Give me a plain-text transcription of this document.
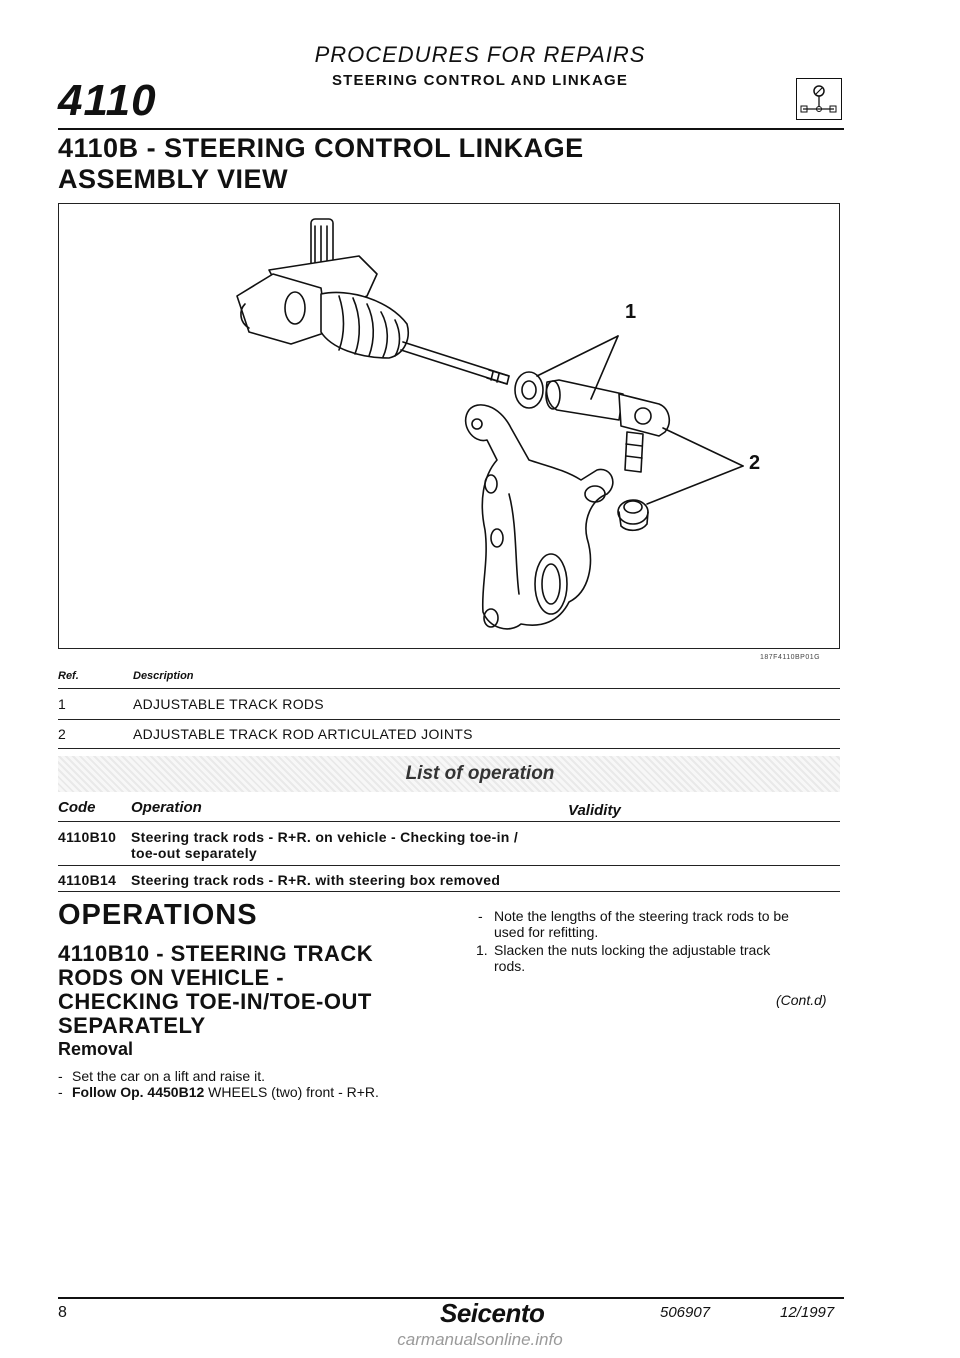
4110
PROCEDURES FOR REPAIRS
STEERING CONTROL AND LINKAGE
4110B - STEERING CONTROL LINKAGE
ASSEMBLY VIEW
1
2
187F4110BP01G
Ref.	Description
1	ADJUSTABLE TRACK RODS
2	ADJUSTABLE TRACK ROD ARTICULATED JOINTS
List of operation
Code Operation	Validity
4110B10 Steering track rods - R+R. on vehicle - Checking toe-in /
toe-out separately
4110B14 Steering track rods - R+R. with steering box removed
OPERATIONS
4110B10 - STEERING TRACK
RODS ON VEHICLE -
CHECKING TOE-IN/TOE-OUT
SEPARATELY
Removal
- Set the car on a lift and raise it.
- Follow Op. 4450B12 WHEELS (two) front - R+R.
- Note the lengths of the steering track rods to be
used for refitting.
1. Slacken the nuts locking the adjustable track
rods.
(Cont.d)
8	Seicento	506907	12/1997
carmanualsonline.info
